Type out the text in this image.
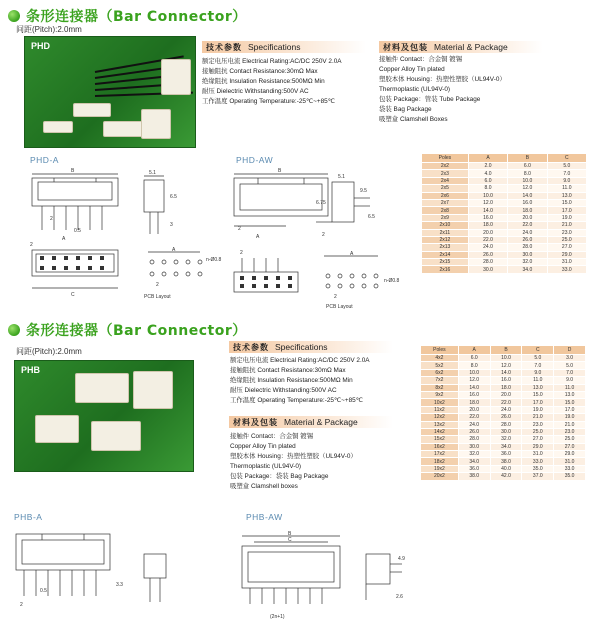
条形连接器（Bar Connector）
间距(Pitch):2.0mm
PHD	技术参数 Specifications
额定电压电流 Electrical Rating:AC/DC 250V 2.0A
接触阻抗 Contact Resistance:30mΩ Max
绝缘阻抗 Insulation Resistance:500MΩ Min
耐压 Dielectric Withstanding:500V AC
工作温度 Operating Temperature:-25℃~+85℃
材料及包装 Material & Package
接触件 Contact：合金铜 镀锡
Copper Alloy Tin plated
塑胶本体 Housing：热塑性塑胶（UL94V-0）
Thermoplastic (UL94V-0)
包装 Package：管装 Tube Package
袋装 Bag Package
吸塑盒 Clamshell Boxes
PHD-A	PHD-AW
B
2
A
0.5
5.1
6.5
3
2
C
A
n-Ø0.8
2
PCB Layout
B
2
A
5.1
6.75
9.5
6.5
2
2	A
n-Ø0.8
2
PCB Layout
Poles	A	B	C
2x2	2.0	6.0	5.0
2x3	4.0	8.0	7.0
2x4	6.0	10.0	9.0
2x5	8.0	12.0	11.0
2x6	10.0	14.0	13.0
2x7	12.0	16.0	15.0
2x8	14.0	18.0	17.0
2x9	16.0	20.0	19.0
2x10	18.0	22.0	21.0
2x11	20.0	24.0	23.0
2x12	22.0	26.0	25.0
2x13	24.0	28.0	27.0
2x14	26.0	30.0	29.0
2x15	28.0	32.0	31.0
2x16	30.0	34.0	33.0
条形连接器（Bar Connector）
间距(Pitch):2.0mm
PHB
技术参数 Specifications
额定电压电流 Electrical Rating:AC/DC 250V 2.0A
接触阻抗 Contact Resistance:30mΩ Max
绝缘阻抗 Insulation Resistance:500MΩ Min
耐压 Dielectric Withstanding:500V AC
工作温度 Operating Temperature:-25℃~+85℃
材料及包装 Material & Package
接触件 Contact：合金铜 镀锡
Copper Alloy Tin plated
塑胶本体 Housing：热塑性塑胶（UL94V-0）
Thermoplastic (UL94V-0)
包装 Package：袋装 Bag Package
吸塑盒 Clamshell boxes
PHB-A	PHB-AW
0.5
2
3.3
B
C
(2n+1)
4.9
2.6
Poles	A	B	C	D
4x2	6.0	10.0	5.0	3.0
5x2	8.0	12.0	7.0	5.0
6x2	10.0	14.0	9.0	7.0
7x2	12.0	16.0	11.0	9.0
8x2	14.0	18.0	13.0	11.0
9x2	16.0	20.0	15.0	13.0
10x2	18.0	22.0	17.0	15.0
11x2	20.0	24.0	19.0	17.0
12x2	22.0	26.0	21.0	19.0
13x2	24.0	28.0	23.0	21.0
14x2	26.0	30.0	25.0	23.0
15x2	28.0	32.0	27.0	25.0
16x2	30.0	34.0	29.0	27.0
17x2	32.0	36.0	31.0	29.0
18x2	34.0	38.0	33.0	31.0
19x2	36.0	40.0	35.0	33.0
20x2	38.0	42.0	37.0	35.0
